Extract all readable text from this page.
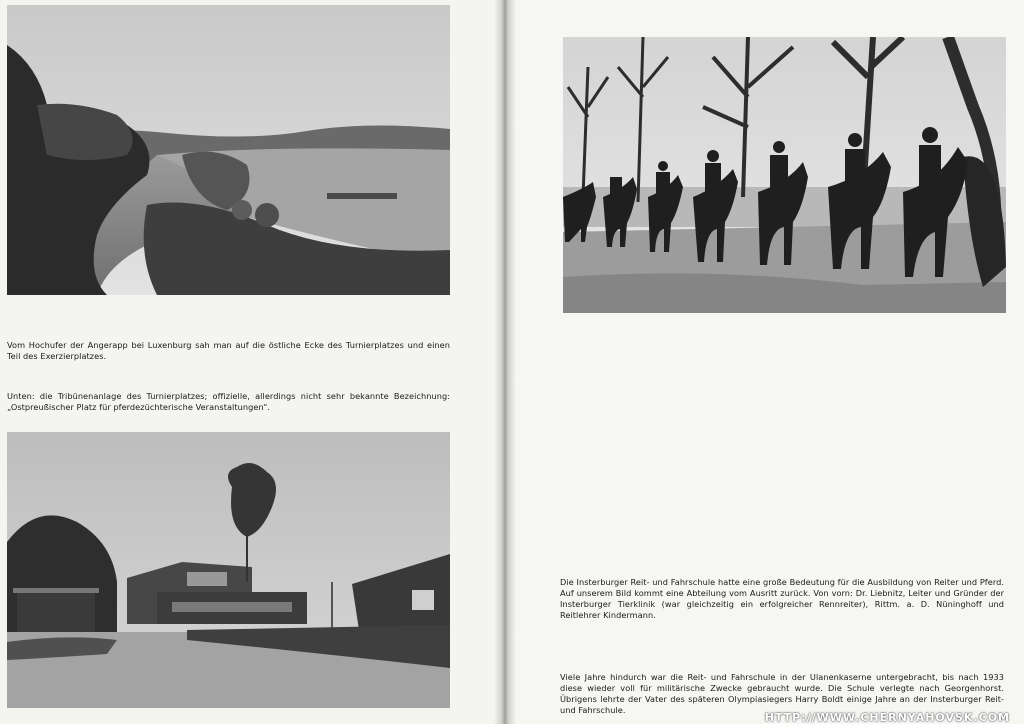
Vom Hochufer der Angerapp bei Luxenburg sah man auf die östliche Ecke des Turnierplatzes und einen Teil des Exerzierplatzes.

Unten: die Tribünenanlage des Turnierplatzes; offizielle, allerdings nicht sehr bekannte Bezeichnung: „Ostpreußischer Platz für pferdezüchterische Veranstaltungen“.

Die Insterburger Reit- und Fahrschule hatte eine große Bedeutung für die Ausbildung von Reiter und Pferd. Auf unserem Bild kommt eine Abteilung vom Ausritt zurück. Von vorn: Dr. Liebnitz, Leiter und Gründer der Insterburger Tierklinik (war gleichzeitig ein erfolgreicher Rennreiter), Rittm. a. D. Nüninghoff und Reitlehrer Kindermann.

Viele Jahre hindurch war die Reit- und Fahrschule in der Ulanenkaserne untergebracht, bis nach 1933 diese wieder voll für militärische Zwecke gebraucht wurde. Die Schule verlegte nach Georgenhorst. Übrigens lehrte der Vater des späteren Olympiasiegers Harry Boldt einige Jahre an der Insterburger Reit- und Fahrschule.

HTTP://WWW.CHERNYAHOVSK.COM
